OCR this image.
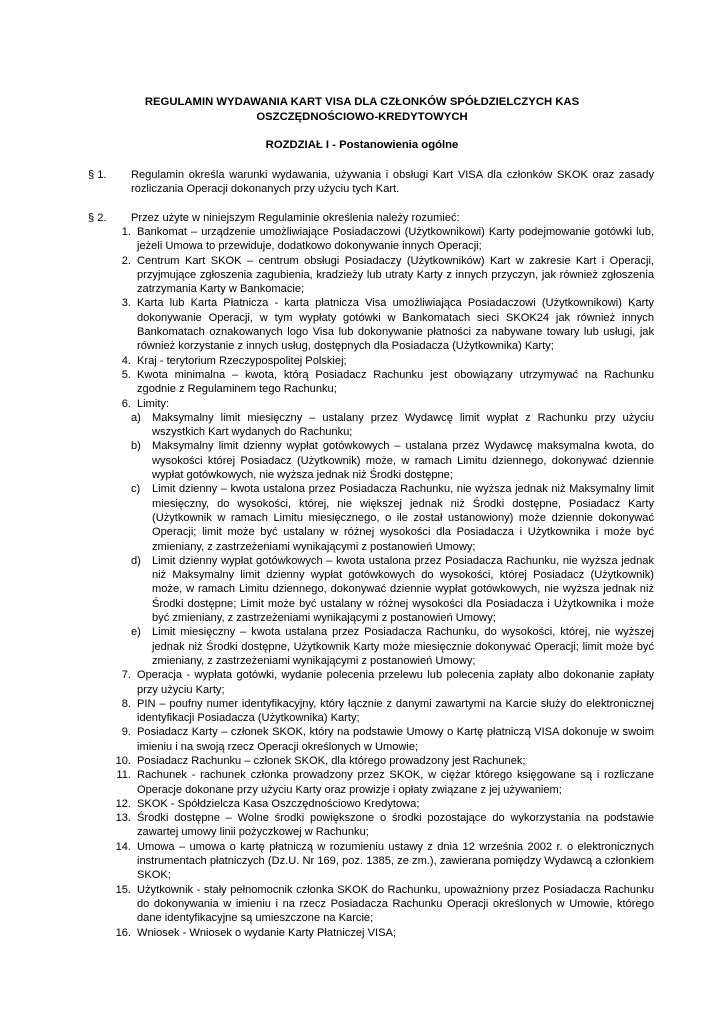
REGULAMIN WYDAWANIA KART VISA DLA CZŁONKÓW SPÓŁDZIELCZYCH KAS
OSZCZĘDNOŚCIOWO-KREDYTOWYCH
ROZDZIAŁ I - Postanowienia ogólne
§ 1. Regulamin określa warunki wydawania, używania i obsługi Kart VISA dla członków SKOK oraz zasady rozliczania Operacji dokonanych przy użyciu tych Kart.
§ 2. Przez użyte w niniejszym Regulaminie określenia należy rozumieć:
1. Bankomat – urządzenie umożliwiające Posiadaczowi (Użytkownikowi) Karty podejmowanie gotówki lub, jeżeli Umowa to przewiduje, dodatkowo dokonywanie innych Operacji;
2. Centrum Kart SKOK – centrum obsługi Posiadaczy (Użytkowników) Kart w zakresie Kart i Operacji, przyjmujące zgłoszenia zagubienia, kradzieży lub utraty Karty z innych przyczyn, jak również zgłoszenia zatrzymania Karty w Bankomacie;
3. Karta lub Karta Płatnicza - karta płatnicza Visa umożliwiająca Posiadaczowi (Użytkownikowi) Karty dokonywanie Operacji, w tym wypłaty gotówki w Bankomatach sieci SKOK24 jak również innych Bankomatach oznakowanych logo Visa lub dokonywanie płatności za nabywane towary lub usługi, jak również korzystanie z innych usług, dostępnych dla Posiadacza (Użytkownika) Karty;
4. Kraj - terytorium Rzeczypospolitej Polskiej;
5. Kwota minimalna – kwota, którą Posiadacz Rachunku jest obowiązany utrzymywać na Rachunku zgodnie z Regulaminem tego Rachunku;
6. Limity:
a)	Maksymalny limit miesięczny – ustalany przez Wydawcę limit wypłat z Rachunku przy użyciu wszystkich Kart wydanych do Rachunku;
b)	Maksymalny limit dzienny wypłat gotówkowych – ustalana przez Wydawcę maksymalna kwota, do wysokości której Posiadacz (Użytkownik) może, w ramach Limitu dziennego, dokonywać dziennie wypłat gotówkowych, nie wyższa jednak niż Środki dostępne;
c)	Limit dzienny – kwota ustalona przez Posiadacza Rachunku, nie wyższa jednak niż Maksymalny limit miesięczny, do wysokości, której, nie większej jednak niż Środki dostępne, Posiadacz Karty (Użytkownik w ramach Limitu miesięcznego, o ile został ustanowiony) może dziennie dokonywać Operacji; limit może być ustalany w różnej wysokości dla Posiadacza i Użytkownika i może być zmieniany, z zastrzeżeniami wynikającymi z postanowień Umowy;
d)	Limit dzienny wypłat gotówkowych – kwota ustalona przez Posiadacza Rachunku, nie wyższa jednak niż Maksymalny limit dzienny wypłat gotówkowych do wysokości, której Posiadacz (Użytkownik) może, w ramach Limitu dziennego, dokonywać dziennie wypłat gotówkowych, nie wyższa jednak niż Środki dostępne; Limit może być ustalany w różnej wysokości dla Posiadacza i Użytkownika i może być zmieniany, z zastrzeżeniami wynikającymi z postanowień Umowy;
e)	Limit miesięczny – kwota ustalana przez Posiadacza Rachunku, do wysokości, której, nie wyższej jednak niż Środki dostępne, Użytkownik Karty może miesięcznie dokonywać Operacji; limit może być zmieniany, z zastrzeżeniami wynikającymi z postanowień Umowy;
7. Operacja - wypłata gotówki, wydanie polecenia przelewu lub polecenia zapłaty albo dokonanie zapłaty przy użyciu Karty;
8. PIN – poufny numer identyfikacyjny, który łącznie z danymi zawartymi na Karcie służy do elektronicznej identyfikacji Posiadacza (Użytkownika) Karty;
9. Posiadacz Karty – członek SKOK, który na podstawie Umowy o Kartę płatniczą VISA dokonuje w swoim imieniu i na swoją rzecz Operacji określonych w Umowie;
10. Posiadacz Rachunku – członek SKOK, dla którego prowadzony jest Rachunek;
11. Rachunek - rachunek członka prowadzony przez SKOK, w ciężar którego księgowane są i rozliczane Operacje dokonane przy użyciu Karty oraz prowizje i opłaty związane z jej używaniem;
12. SKOK - Spółdzielcza Kasa Oszczędnościowo Kredytowa;
13. Środki dostępne – Wolne środki powiększone o środki pozostające do wykorzystania na podstawie zawartej umowy linii pożyczkowej w Rachunku;
14. Umowa – umowa o kartę płatniczą w rozumieniu ustawy z dnia 12 września 2002 r. o elektronicznych instrumentach płatniczych (Dz.U. Nr 169, poz. 1385, ze zm.), zawierana pomiędzy Wydawcą a członkiem SKOK;
15. Użytkownik - stały pełnomocnik członka SKOK do Rachunku, upoważniony przez Posiadacza Rachunku do dokonywania w imieniu i na rzecz Posiadacza Rachunku Operacji określonych w Umowie, którego dane identyfikacyjne są umieszczone na Karcie;
16. Wniosek - Wniosek o wydanie Karty Płatniczej VISA;
